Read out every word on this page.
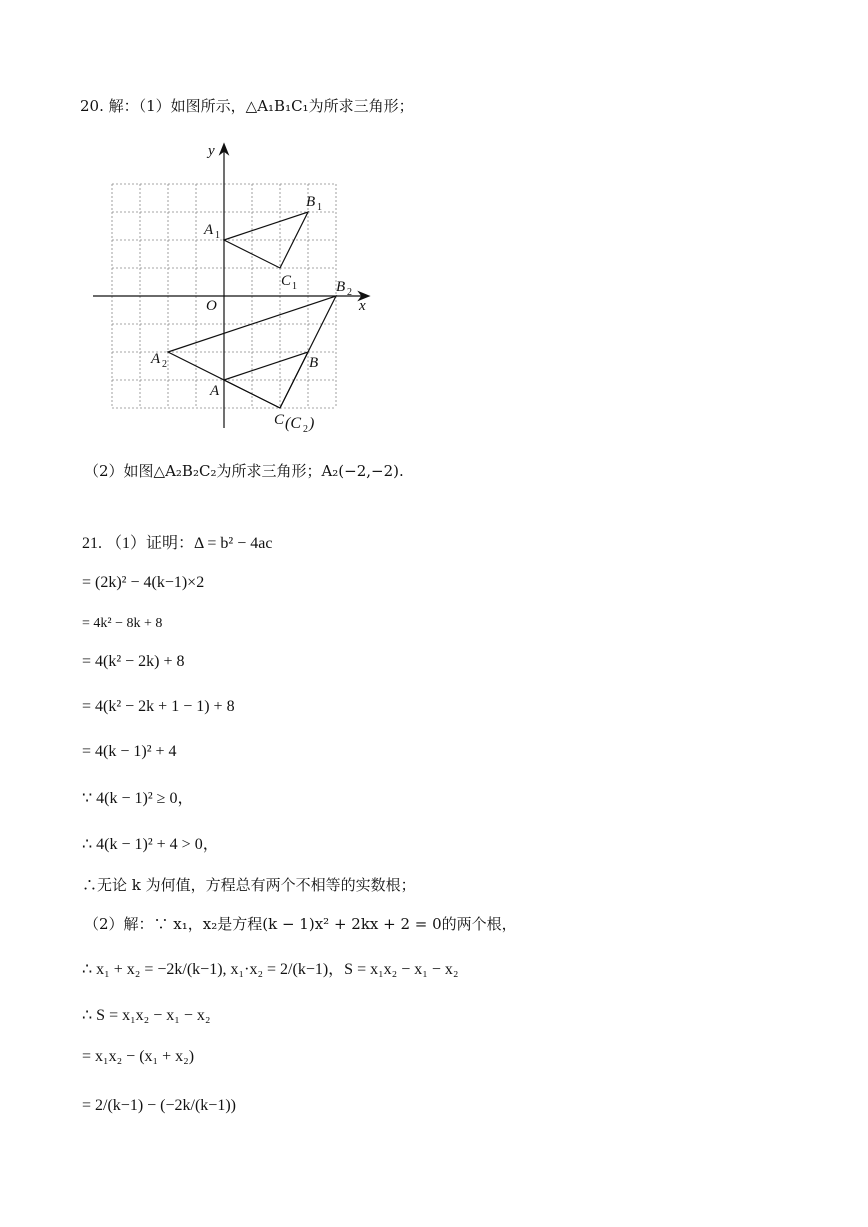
20. 解：（1）如图所示，△A₁B₁C₁为所求三角形；
y
x
O
A 1
B 1
C 1	B 2
A 2	B
A
C (C 2 )
（2）如图△A₂B₂C₂为所求三角形；A₂(−2,−2).
21. （1）证明：Δ = b² − 4ac
= (2k)² − 4(k−1)×2
= 4k² − 8k + 8
= 4(k² − 2k) + 8
= 4(k² − 2k + 1 − 1) + 8
= 4(k − 1)² + 4
∵ 4(k − 1)² ≥ 0，
∴ 4(k − 1)² + 4 > 0，
∴无论 k 为何值，方程总有两个不相等的实数根；
（2）解：∵ x₁，x₂是方程(k − 1)x² + 2kx + 2 = 0的两个根，
∴ x₁ + x₂ = −2k/(k−1), x₁·x₂ = 2/(k−1)，S = x₁x₂ − x₁ − x₂
∴ S = x₁x₂ − x₁ − x₂
= x₁x₂ − (x₁ + x₂)
= 2/(k−1) − (−2k/(k−1))
